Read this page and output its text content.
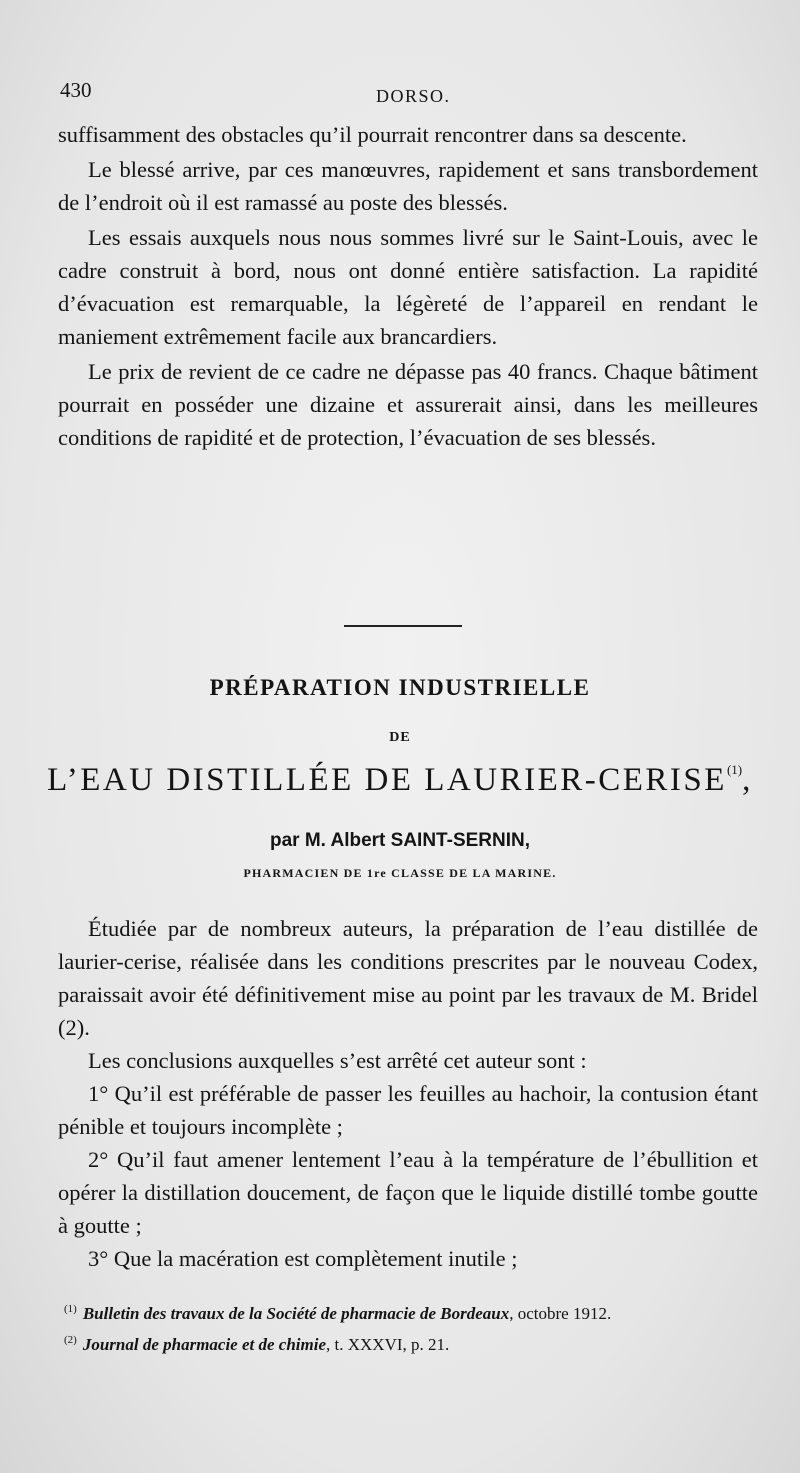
430	DORSO.

suffisamment des obstacles qu’il pourrait rencontrer dans sa descente.

Le blessé arrive, par ces manœuvres, rapidement et sans transbordement de l’endroit où il est ramassé au poste des blessés.

Les essais auxquels nous nous sommes livré sur le Saint-Louis, avec le cadre construit à bord, nous ont donné entière satisfaction. La rapidité d’évacuation est remarquable, la légèreté de l’appareil en rendant le maniement extrêmement facile aux brancardiers.

Le prix de revient de ce cadre ne dépasse pas 40 francs. Chaque bâtiment pourrait en posséder une dizaine et assurerait ainsi, dans les meilleures conditions de rapidité et de protection, l’évacuation de ses blessés.

PRÉPARATION INDUSTRIELLE
DE
L’EAU DISTILLÉE DE LAURIER-CERISE$^{(1)}$,
par M. Albert SAINT-SERNIN,
PHARMACIEN DE 1re CLASSE DE LA MARINE.

Étudiée par de nombreux auteurs, la préparation de l’eau distillée de laurier-cerise, réalisée dans les conditions prescrites par le nouveau Codex, paraissait avoir été définitivement mise au point par les travaux de M. Bridel (2).

Les conclusions auxquelles s’est arrêté cet auteur sont :

1° Qu’il est préférable de passer les feuilles au hachoir, la contusion étant pénible et toujours incomplète ;

2° Qu’il faut amener lentement l’eau à la température de l’ébullition et opérer la distillation doucement, de façon que le liquide distillé tombe goutte à goutte ;

3° Que la macération est complètement inutile ;

$^{(1)}$ Bulletin des travaux de la Société de pharmacie de Bordeaux, octobre 1912.

$^{(2)}$ Journal de pharmacie et de chimie, t. XXXVI, p. 21.
